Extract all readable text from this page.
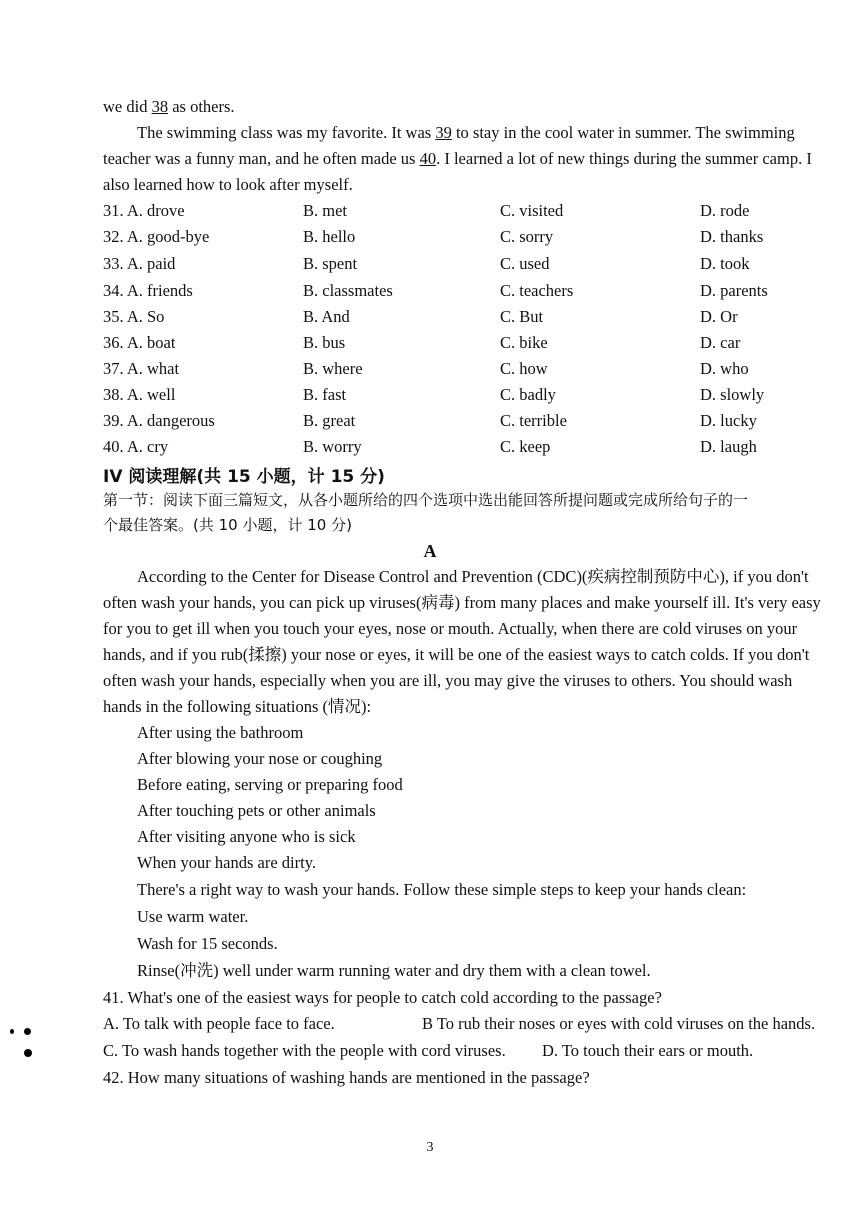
we did 38 as others.
The swimming class was my favorite. It was 39 to stay in the cool water in summer. The swimming
teacher was a funny man, and he often made us 40. I learned a lot of new things during the summer camp. I
also learned how to look after myself.
31. A. drove	B. met	C. visited	D. rode
32. A. good-bye	B. hello	C. sorry	D. thanks
33. A. paid	B. spent	C. used	D. took
34. A. friends	B. classmates	C. teachers	D. parents
35. A. So	B. And	C. But	D. Or
36. A. boat	B. bus	C. bike	D. car
37. A. what	B. where	C. how	D. who
38. A. well	B. fast	C. badly	D. slowly
39. A. dangerous	B. great	C. terrible	D. lucky
40. A. cry	B. worry	C. keep	D. laugh
IV 阅读理解(共 15 小题，计 15 分)
第一节：阅读下面三篇短文，从各小题所给的四个选项中选出能回答所提问题或完成所给句子的一
个最佳答案。(共 10 小题，计 10 分)
A
According to the Center for Disease Control and Prevention (CDC)(疾病控制预防中心), if you don't
often wash your hands, you can pick up viruses(病毒) from many places and make yourself ill. It's very easy
for you to get ill when you touch your eyes, nose or mouth. Actually, when there are cold viruses on your
hands, and if you rub(揉擦) your nose or eyes, it will be one of the easiest ways to catch colds. If you don't
often wash your hands, especially when you are ill, you may give the viruses to others. You should wash
hands in the following situations (情况):
After using the bathroom
After blowing your nose or coughing
Before eating, serving or preparing food
After touching pets or other animals
After visiting anyone who is sick
When your hands are dirty.
There's a right way to wash your hands. Follow these simple steps to keep your hands clean:
Use warm water.
Wash for 15 seconds.
Rinse(冲洗) well under warm running water and dry them with a clean towel.
41. What's one of the easiest ways for people to catch cold according to the passage?
A. To talk with people face to face.	B To rub their noses or eyes with cold viruses on the hands.
C. To wash hands together with the people with cord viruses. D. To touch their ears or mouth.
42. How many situations of washing hands are mentioned in the passage?
3
